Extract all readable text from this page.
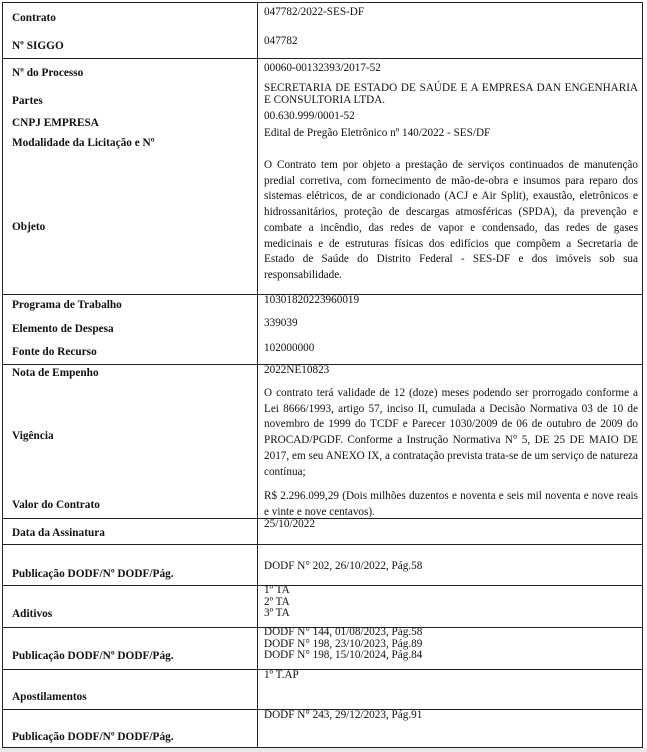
Contrato
Nº SIGGO
Nº do Processo
Partes
CNPJ EMPRESA
Modalidade da Licitação e Nº
Objeto
Programa de Trabalho
Elemento de Despesa
Fonte do Recurso
Nota de Empenho
Vigência
Valor do Contrato
Data da Assinatura
Publicação DODF/Nº DODF/Pág.
Aditivos
Publicação DODF/Nº DODF/Pág.
Apostilamentos
Publicação DODF/Nº DODF/Pág.
047782/2022-SES-DF
047782
00060-00132393/2017-52
SECRETARIA DE ESTADO DE SAÚDE E A EMPRESA DAN ENGENHARIA E CONSULTORIA LTDA.
00.630.999/0001-52
Edital de Pregão Eletrônico nº 140/2022 - SES/DF
O Contrato tem por objeto a prestação de serviços continuados de manutenção predial corretiva, com fornecimento de mão-de-obra e insumos para reparo dos sistemas elétricos, de ar condicionado (ACJ e Air Split), exaustão, eletrônicos e hidrossanitários, proteção de descargas atmosféricas (SPDA), da prevenção e combate a incêndio, das redes de vapor e condensado, das redes de gases medicinais e de estruturas físicas dos edifícios que compõem a Secretaria de Estado de Saúde do Distrito Federal - SES-DF e dos imóveis sob sua responsabilidade.
10301820223960019
339039
102000000
2022NE10823
O contrato terá validade de 12 (doze) meses podendo ser prorrogado conforme a Lei 8666/1993, artigo 57, inciso II, cumulada a Decisão Normativa 03 de 10 de novembro de 1999 do TCDF e Parecer 1030/2009 de 06 de outubro de 2009 do PROCAD/PGDF. Conforme a Instrução Normativa N° 5, DE 25 DE MAIO DE 2017, em seu ANEXO IX, a contratação prevista trata-se de um serviço de natureza contínua;
R$ 2.296.099,29 (Dois milhões duzentos e noventa e seis mil noventa e nove reais e vinte e nove centavos).
25/10/2022
DODF N° 202, 26/10/2022, Pág.58
1º TA
2º TA
3º TA
DODF N° 144, 01/08/2023, Pág.58
DODF N° 198, 23/10/2023, Pág.89
DODF N° 198, 15/10/2024, Pág.84
1º T.AP
DODF N° 243, 29/12/2023, Pág.91
